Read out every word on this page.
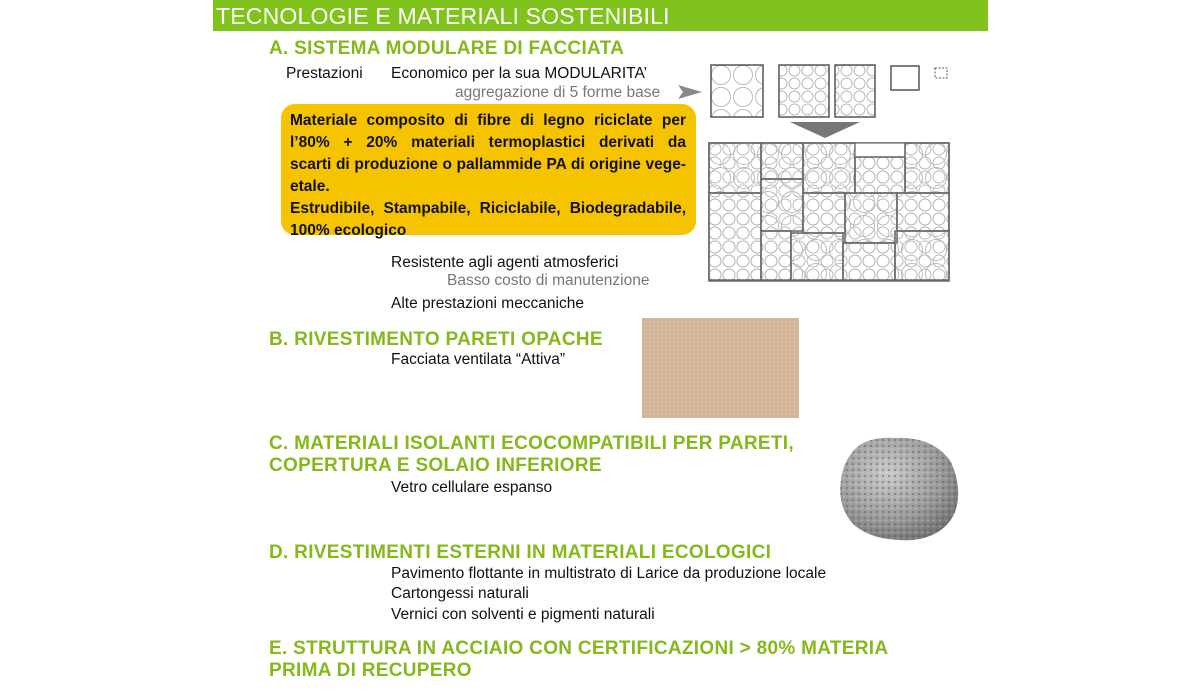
TECNOLOGIE E MATERIALI SOSTENIBILI
A. SISTEMA MODULARE DI FACCIATA
Prestazioni Economico per la sua MODULARITA’
aggregazione di 5 forme base
Materiale composito di fibre di legno riciclate per
l’80% + 20% materiali termoplastici derivati da
scarti di produzione o pallammide PA di origine vege-
etale.
Estrudibile, Stampabile, Riciclabile, Biodegradabile,
100% ecologico
Resistente agli agenti atmosferici
Basso costo di manutenzione
Alte prestazioni meccaniche
B. RIVESTIMENTO PARETI OPACHE
Facciata ventilata “Attiva”
C. MATERIALI ISOLANTI ECOCOMPATIBILI PER PARETI,
COPERTURA E SOLAIO INFERIORE
Vetro cellulare espanso
D. RIVESTIMENTI ESTERNI IN MATERIALI ECOLOGICI
Pavimento flottante in multistrato di Larice da produzione locale
Cartongessi naturali
Vernici con solventi e pigmenti naturali
E. STRUTTURA IN ACCIAIO CON CERTIFICAZIONI > 80% MATERIA
PRIMA DI RECUPERO
